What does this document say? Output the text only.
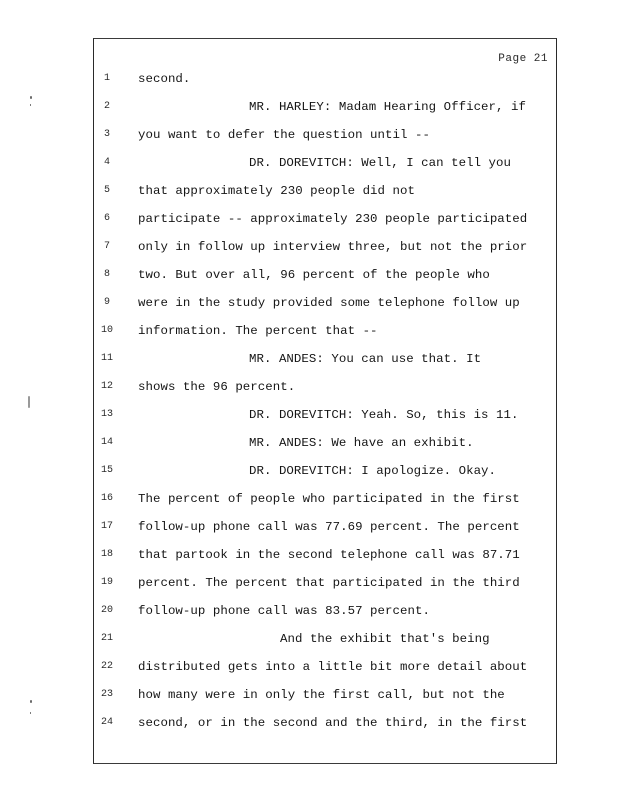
Page 21
1	second.
2	MR. HARLEY: Madam Hearing Officer, if
3	you want to defer the question until --
4	DR. DOREVITCH: Well, I can tell you
5	that approximately 230 people did not
6	participate -- approximately 230 people participated
7	only in follow up interview three, but not the prior
8	two. But over all, 96 percent of the people who
9	were in the study provided some telephone follow up
10	information. The percent that --
11	MR. ANDES: You can use that. It
12	shows the 96 percent.
13	DR. DOREVITCH: Yeah. So, this is 11.
14	MR. ANDES: We have an exhibit.
15	DR. DOREVITCH: I apologize. Okay.
16	The percent of people who participated in the first
17	follow-up phone call was 77.69 percent. The percent
18	that partook in the second telephone call was 87.71
19	percent. The percent that participated in the third
20	follow-up phone call was 83.57 percent.
21	And the exhibit that's being
22	distributed gets into a little bit more detail about
23	how many were in only the first call, but not the
24	second, or in the second and the third, in the first
